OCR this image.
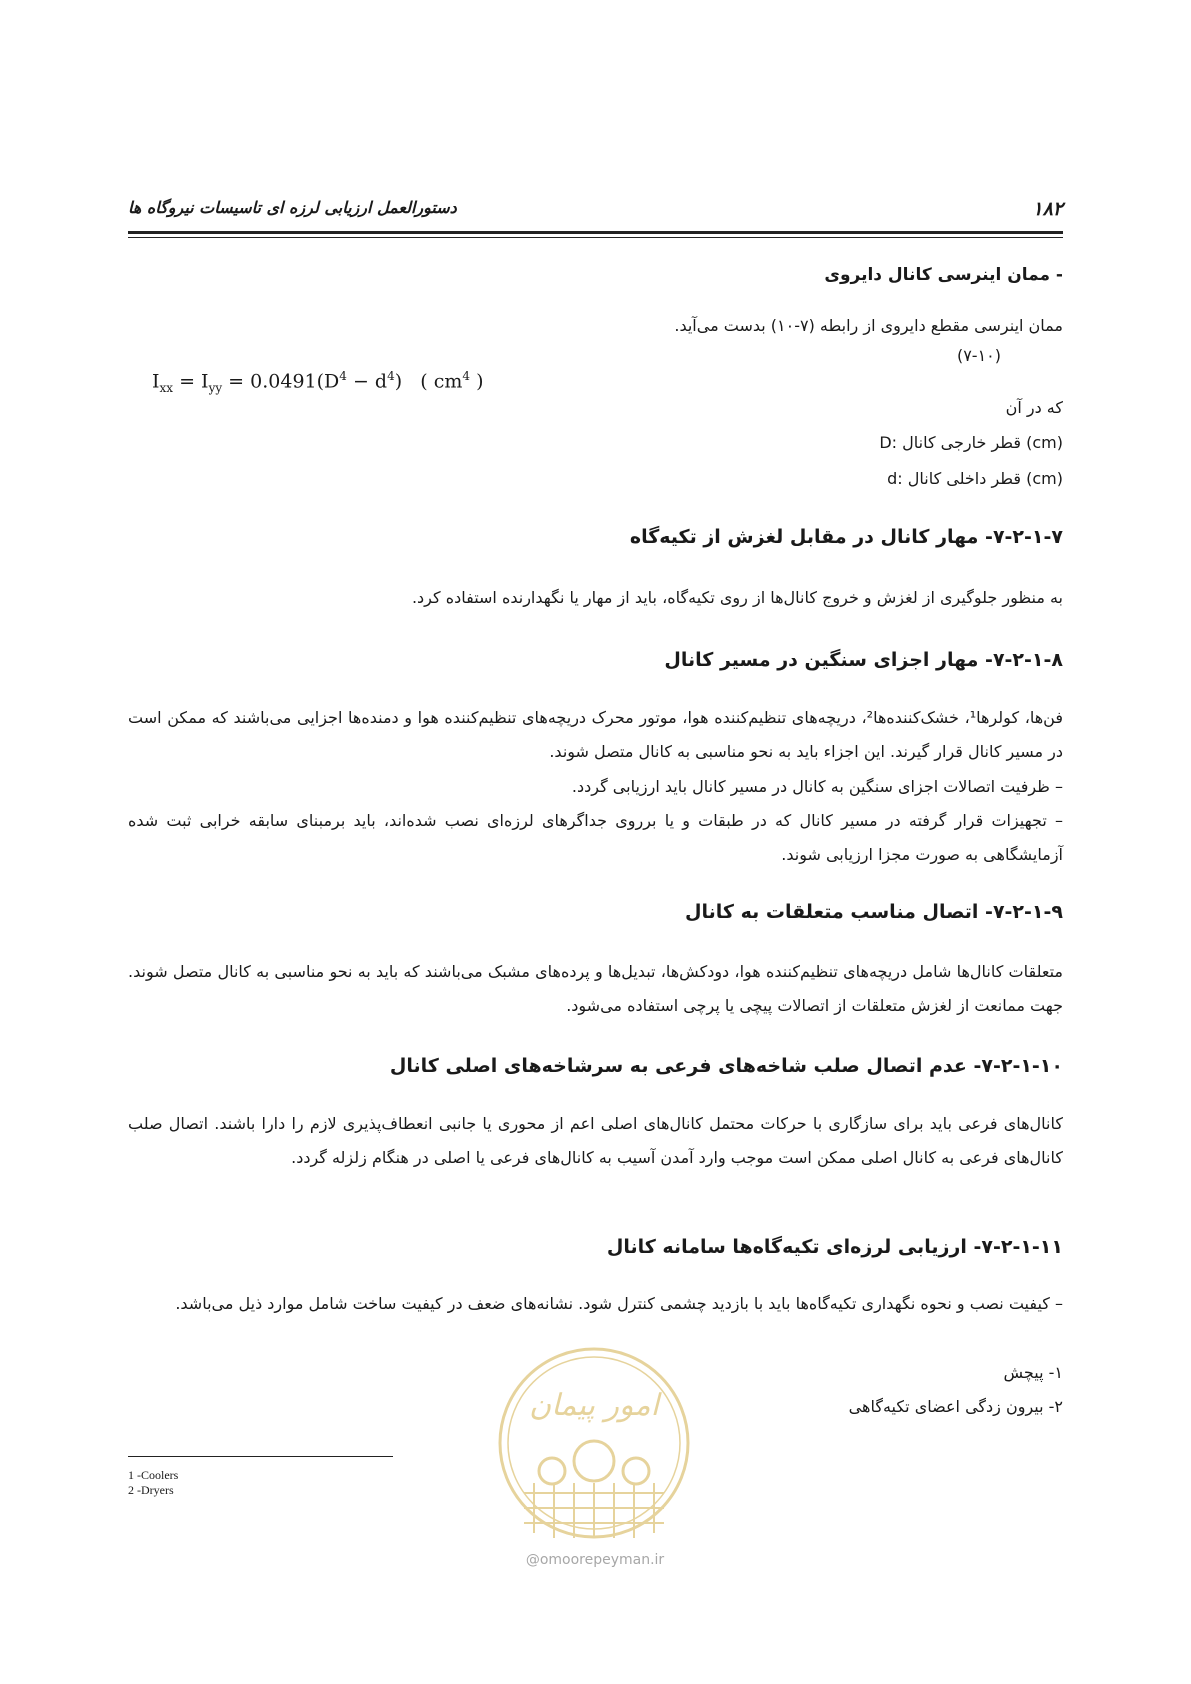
۱۸۲
دستورالعمل ارزیابی لرزه ای تاسیسات نیروگاه ها
- ممان اینرسی کانال دایروی
ممان اینرسی مقطع دایروی از رابطه (۷-۱۰) بدست می‌آید.
(۷-۱۰)
$I_{xx} = I_{yy} = 0.0491(D^4 - d^4)$   ( $cm^4$ )
که در آن
D: قطر خارجی کانال (cm)
d: قطر داخلی کانال (cm)
۷-۲-۱-۷- مهار کانال در مقابل لغزش از تکیه‌گاه
به منظور جلوگیری از لغزش و خروج کانال‌ها از روی تکیه‌گاه، باید از مهار یا نگهدارنده استفاده کرد.
۷-۲-۱-۸- مهار اجزای سنگین در مسیر کانال
فن‌ها، کولرها¹، خشک‌کننده‌ها²، دریچه‌های تنظیم‌کننده هوا، موتور محرک دریچه‌های تنظیم‌کننده هوا و دمنده‌ها اجزایی می‌باشند که ممکن است در مسیر کانال قرار گیرند. این اجزاء باید به نحو مناسبی به کانال متصل شوند.
– ظرفیت اتصالات اجزای سنگین به کانال در مسیر کانال باید ارزیابی گردد.
– تجهیزات قرار گرفته در مسیر کانال که در طبقات و یا برروی جداگرهای لرزه‌ای نصب شده‌اند، باید برمبنای سابقه خرابی ثبت شده آزمایشگاهی به صورت مجزا ارزیابی شوند.
۷-۲-۱-۹- اتصال مناسب متعلقات به کانال
متعلقات کانال‌ها شامل دریچه‌های تنظیم‌کننده هوا، دودکش‌ها، تبدیل‌ها و پرده‌های مشبک می‌باشند که باید به نحو مناسبی به کانال متصل شوند. جهت ممانعت از لغزش متعلقات از اتصالات پیچی یا پرچی استفاده می‌شود.
۷-۲-۱-۱۰- عدم اتصال صلب شاخه‌های فرعی به سرشاخه‌های اصلی کانال
کانال‌های فرعی باید برای سازگاری با حرکات محتمل کانال‌های اصلی اعم از محوری یا جانبی انعطاف‌پذیری لازم را دارا باشند. اتصال صلب کانال‌های فرعی به کانال اصلی ممکن است موجب وارد آمدن آسیب به کانال‌های فرعی یا اصلی در هنگام زلزله گردد.
۷-۲-۱-۱۱- ارزیابی لرزه‌ای تکیه‌گاه‌ها سامانه کانال
– کیفیت نصب و نحوه نگهداری تکیه‌گاه‌ها باید با بازدید چشمی کنترل شود. نشانه‌های ضعف در کیفیت ساخت شامل موارد ذیل می‌باشد.
۱- پیچش
۲- بیرون زدگی اعضای تکیه‌گاهی
1 -Coolers
2 -Dryers
امور پیمان
@omoorepeyman.ir
